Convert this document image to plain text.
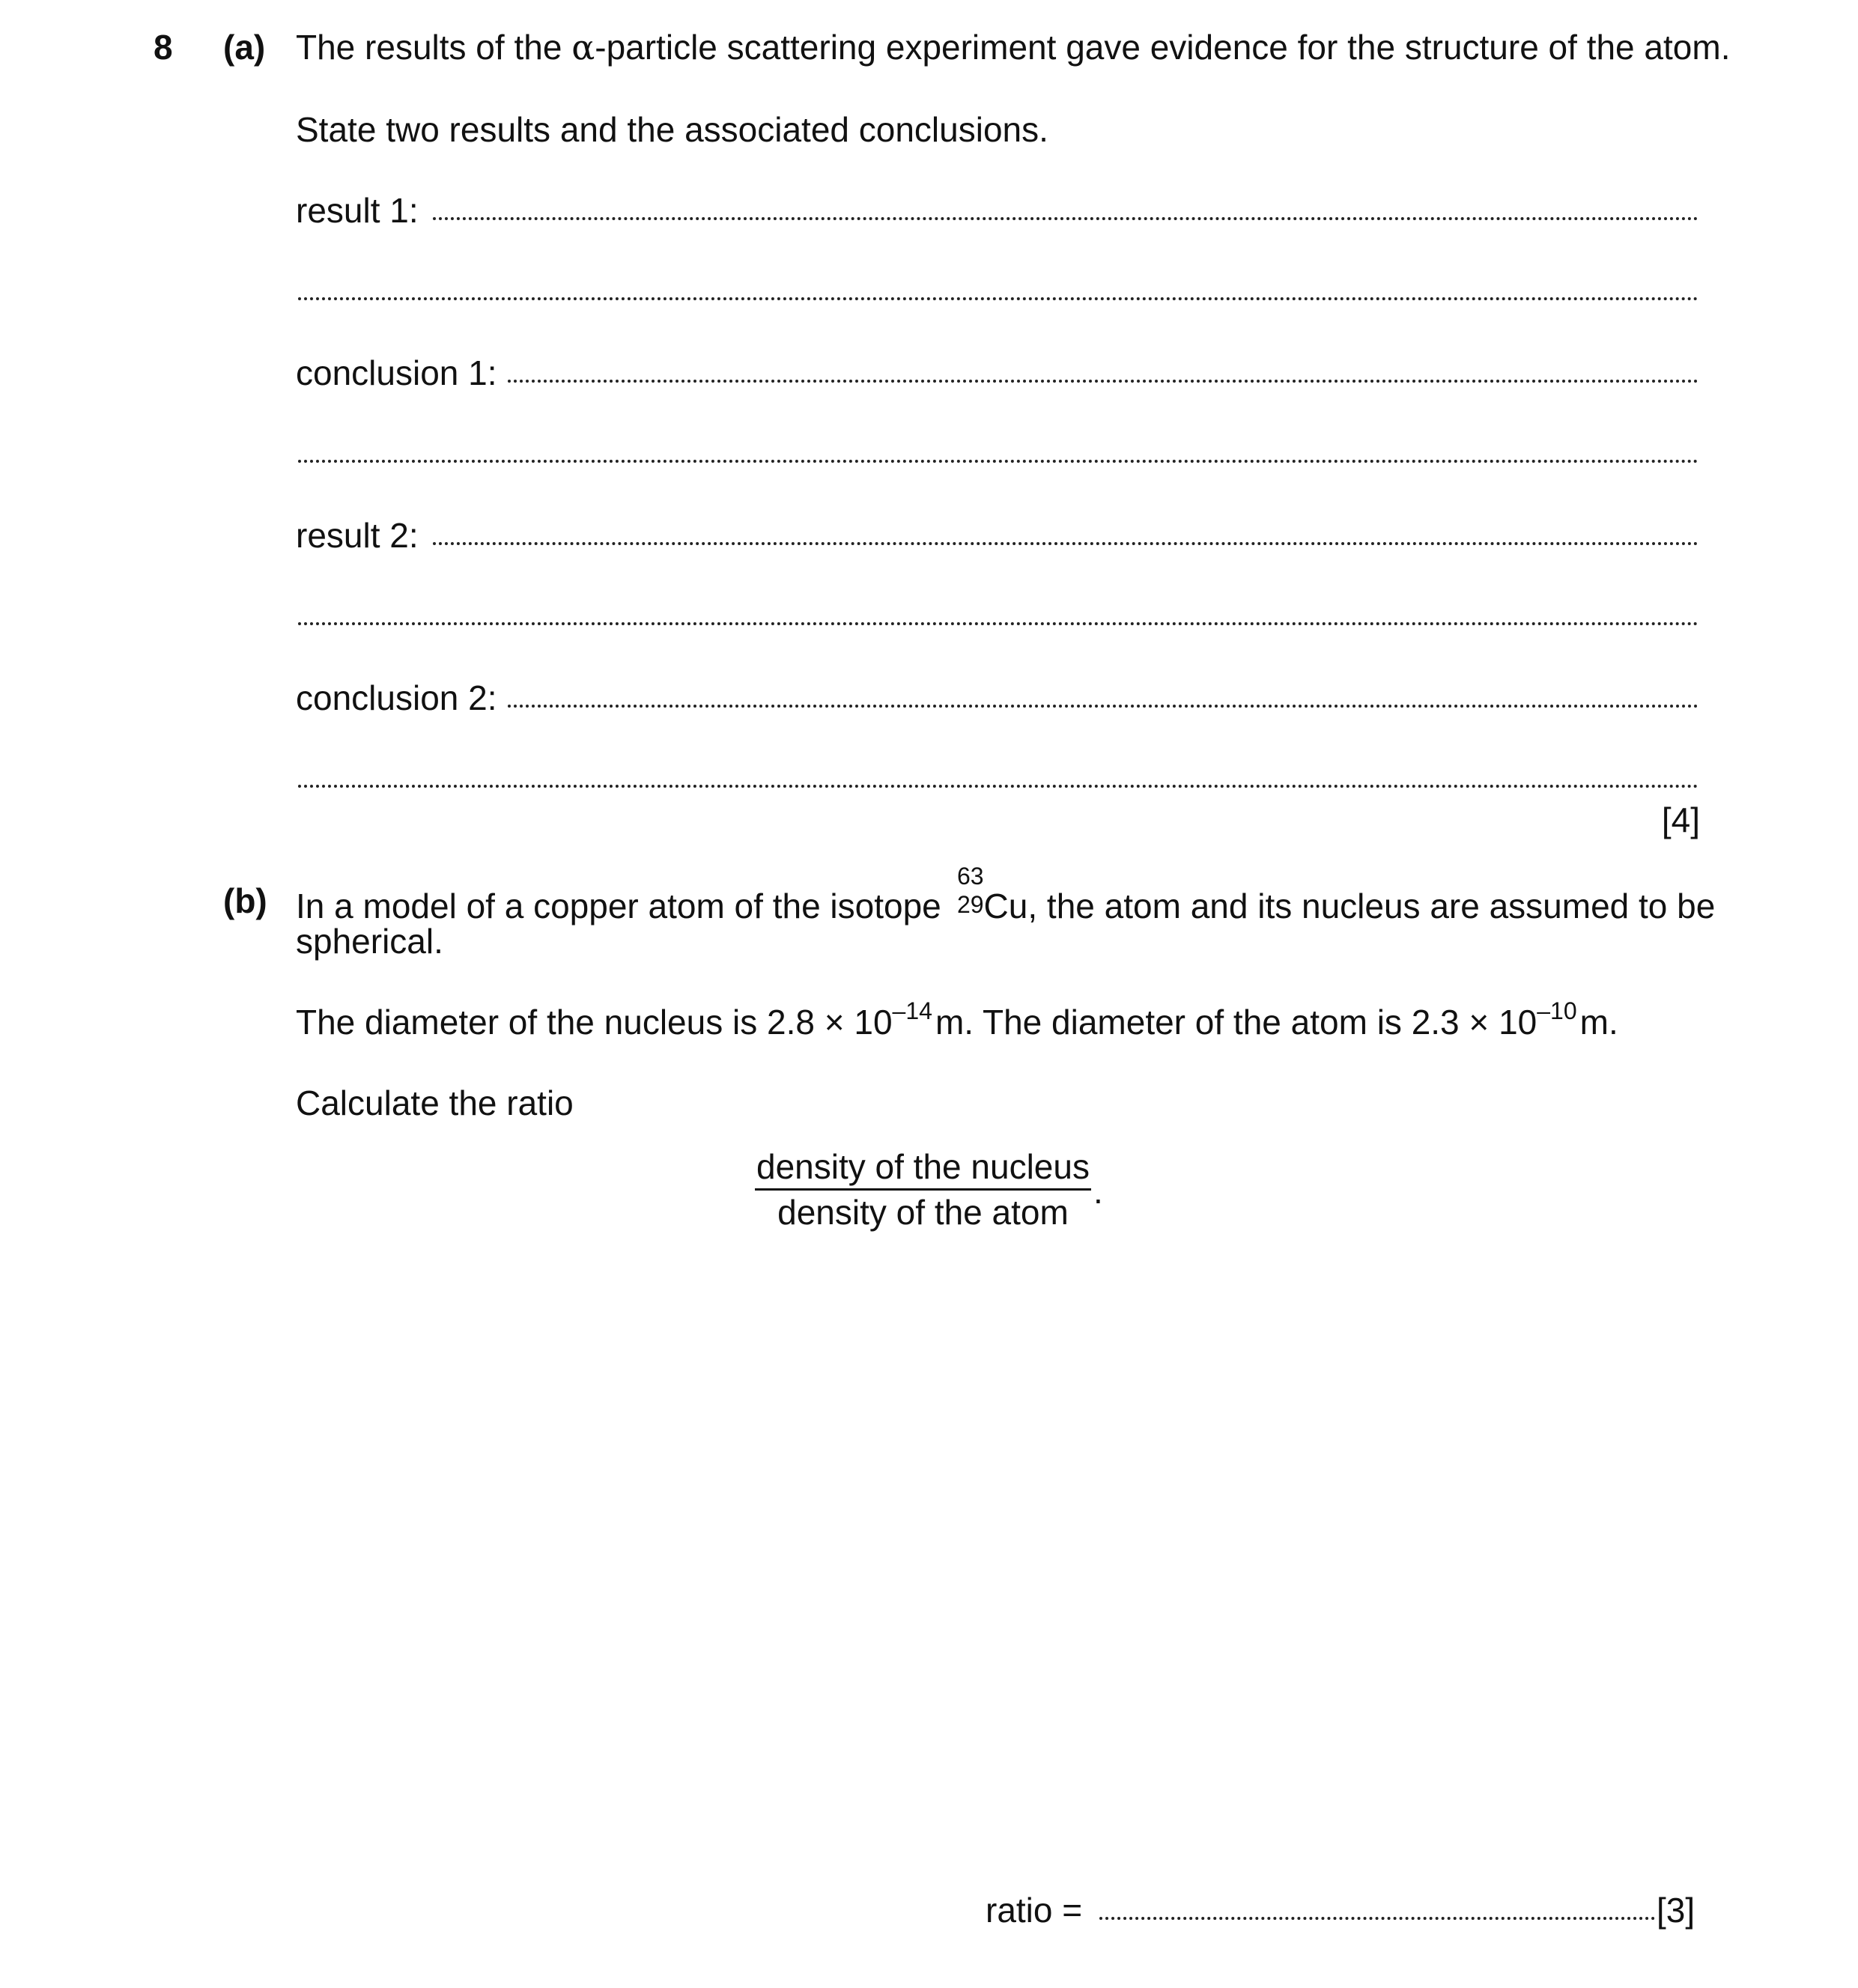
8 (a) The results of the α-particle scattering experiment gave evidence for the structure of the atom.
State two results and the associated conclusions.
result 1:
conclusion 1:
result 2:
conclusion 2:
[4]
(b) In a model of a copper atom of the isotope
63
29 Cu, the atom and its nucleus are assumed to be
spherical.
The diameter of the nucleus is $2.8 \times 10^{-14}m$. The diameter of the atom is $2.3 \times 10^{-10}m$.
Calculate the ratio
density of the nucleus
density of the atom
.
ratio =	[3]
